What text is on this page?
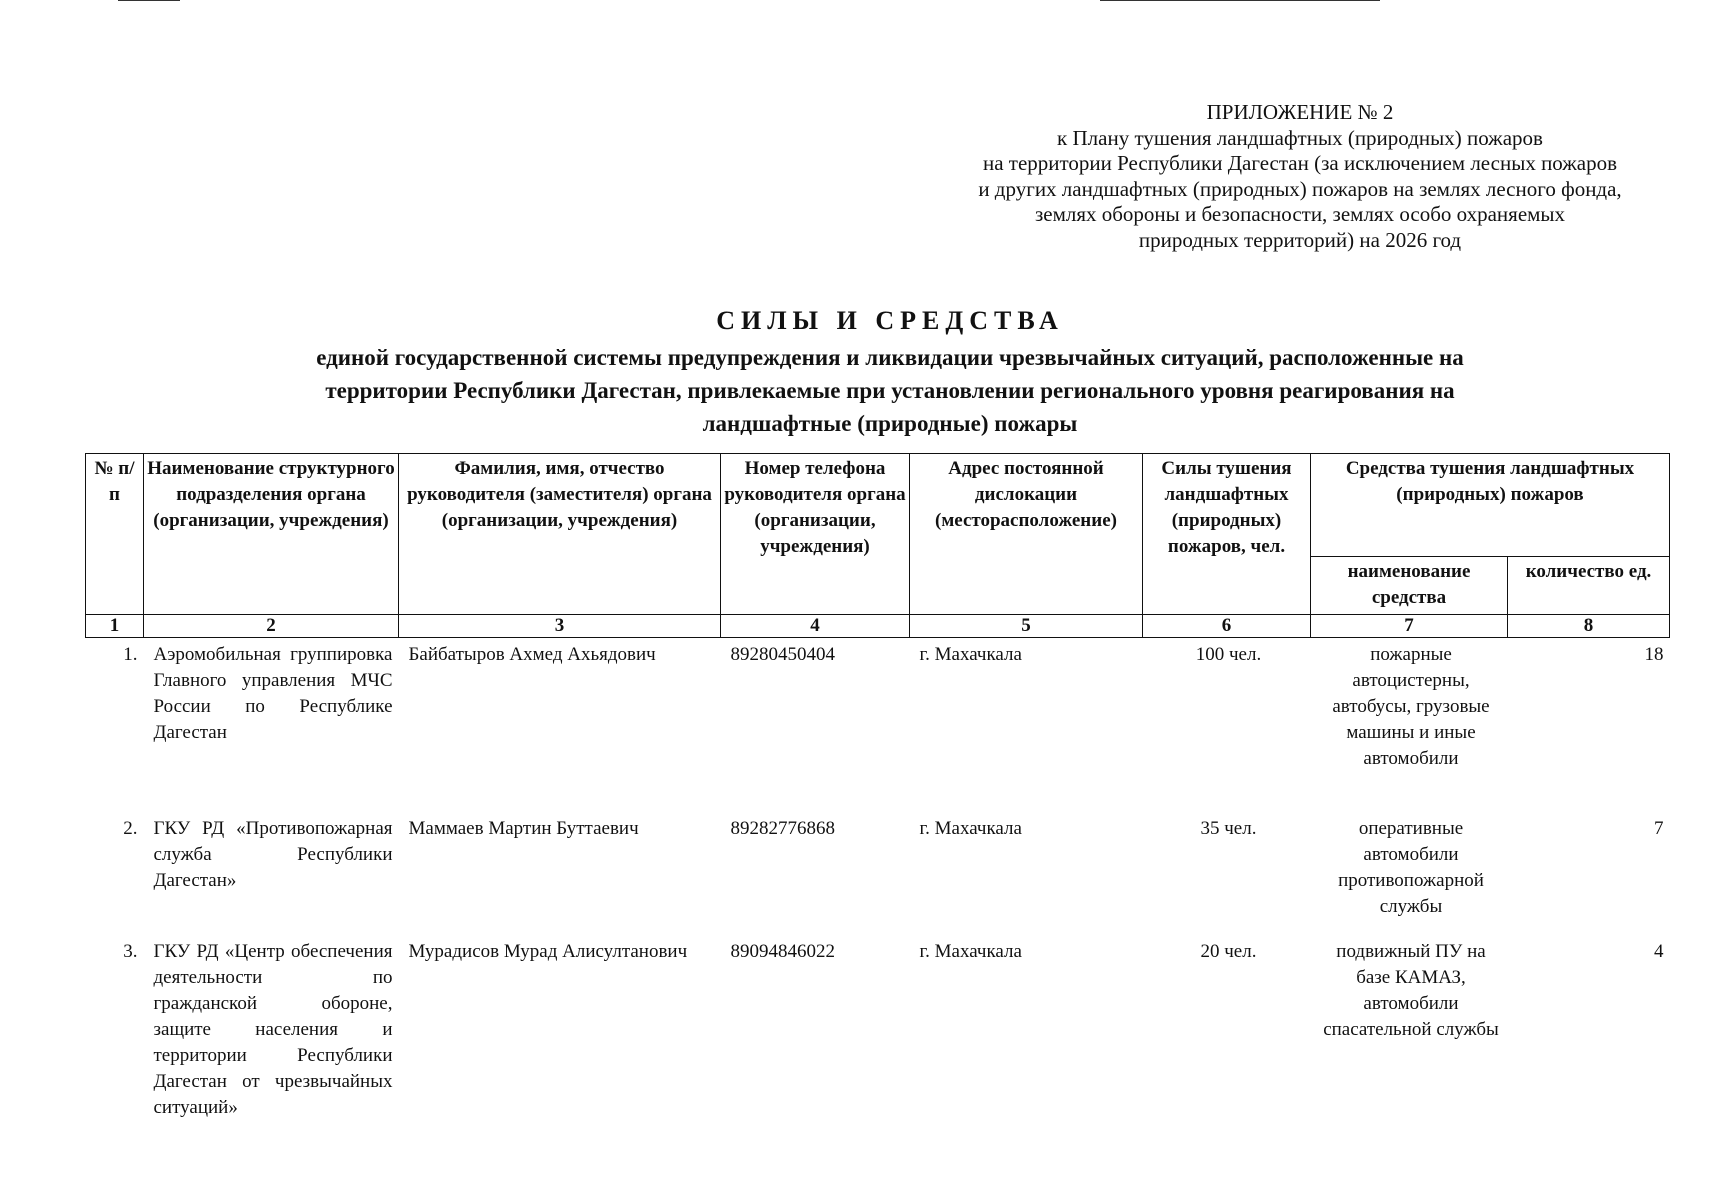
ПРИЛОЖЕНИЕ № 2
к Плану тушения ландшафтных (природных) пожаров
на территории Республики Дагестан (за исключением лесных пожаров
и других ландшафтных (природных) пожаров на землях лесного фонда,
землях обороны и безопасности, землях особо охраняемых
природных территорий) на 2026 год
СИЛЫ И СРЕДСТВА
единой государственной системы предупреждения и ликвидации чрезвычайных ситуаций, расположенные на
территории Республики Дагестан, привлекаемые при установлении регионального уровня реагирования на
ландшафтные (природные) пожары
№ п/п	Наименование структурного подразделения органа (организации, учреждения)	Фамилия, имя, отчество руководителя (заместителя) органа (организации, учреждения)	Номер телефона руководителя органа (организации, учреждения)	Адрес постоянной дислокации (месторасположение)	Силы тушения ландшафтных (природных) пожаров, чел.	Средства тушения ландшафтных (природных) пожаров	
						наименование средства	количество ед.
1	2	3	4	5	6	7	8
1.	Аэромобильная группировка Главного управления МЧС России по Республике Дагестан	Байбатыров Ахмед Ахьядович	89280450404	г. Махачкала	100 чел.	пожарные автоцистерны, автобусы, грузовые машины и иные автомобили	18
2.	ГКУ РД «Противопожарная служба Республики Дагестан»	Маммаев Мартин Буттаевич	89282776868	г. Махачкала	35 чел.	оперативные автомобили противопожарной службы	7
3.	ГКУ РД «Центр обеспечения деятельности по гражданской обороне, защите населения и территории Республики Дагестан от чрезвычайных ситуаций»	Мурадисов Мурад Алисултанович	89094846022	г. Махачкала	20 чел.	подвижный ПУ на базе КАМАЗ, автомобили спасательной службы	4
